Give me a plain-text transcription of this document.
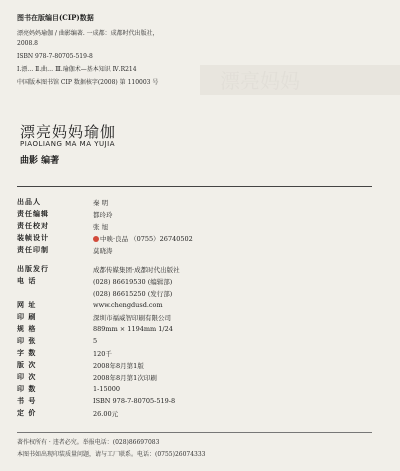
漂亮妈妈
图书在版编目(CIP)数据
漂亮妈妈瑜伽 / 曲影编著. 一成都：成都时代出版社，
2008.8
ISBN 978-7-80705-519-8
Ⅰ.漂… Ⅱ.曲… Ⅲ.瑜伽术—基本知识 Ⅳ.R214
中国版本图书馆 CIP 数据核字(2008) 第 110003 号
漂亮妈妈瑜伽
PIAOLIANG MA MA YUJIA
曲影 编著
出品人	秦 明
责任编辑	都玲玲
责任校对	张 旭
装帧设计	中映·良品 （0755）26740502
责任印制	莫晓涛
出版发行	成都传媒集团·成都时代出版社
电 话	(028) 86619530 (编辑部)
(028) 86615250 (发行部)
网 址	www.chengdusd.com
印 刷	深圳市福威智印刷有限公司
规 格	889mm × 1194mm 1/24
印 张	5
字 数	120千
版 次	2008年8月第1版
印 次	2008年8月第1次印刷
印 数	1-15000
书 号	ISBN 978-7-80705-519-8
定 价	26.00元
著作权所有 · 违者必究。举报电话：(028)86697083
本图书如出现印装质量问题，请与工厂联系。电话：(0755)26074333
